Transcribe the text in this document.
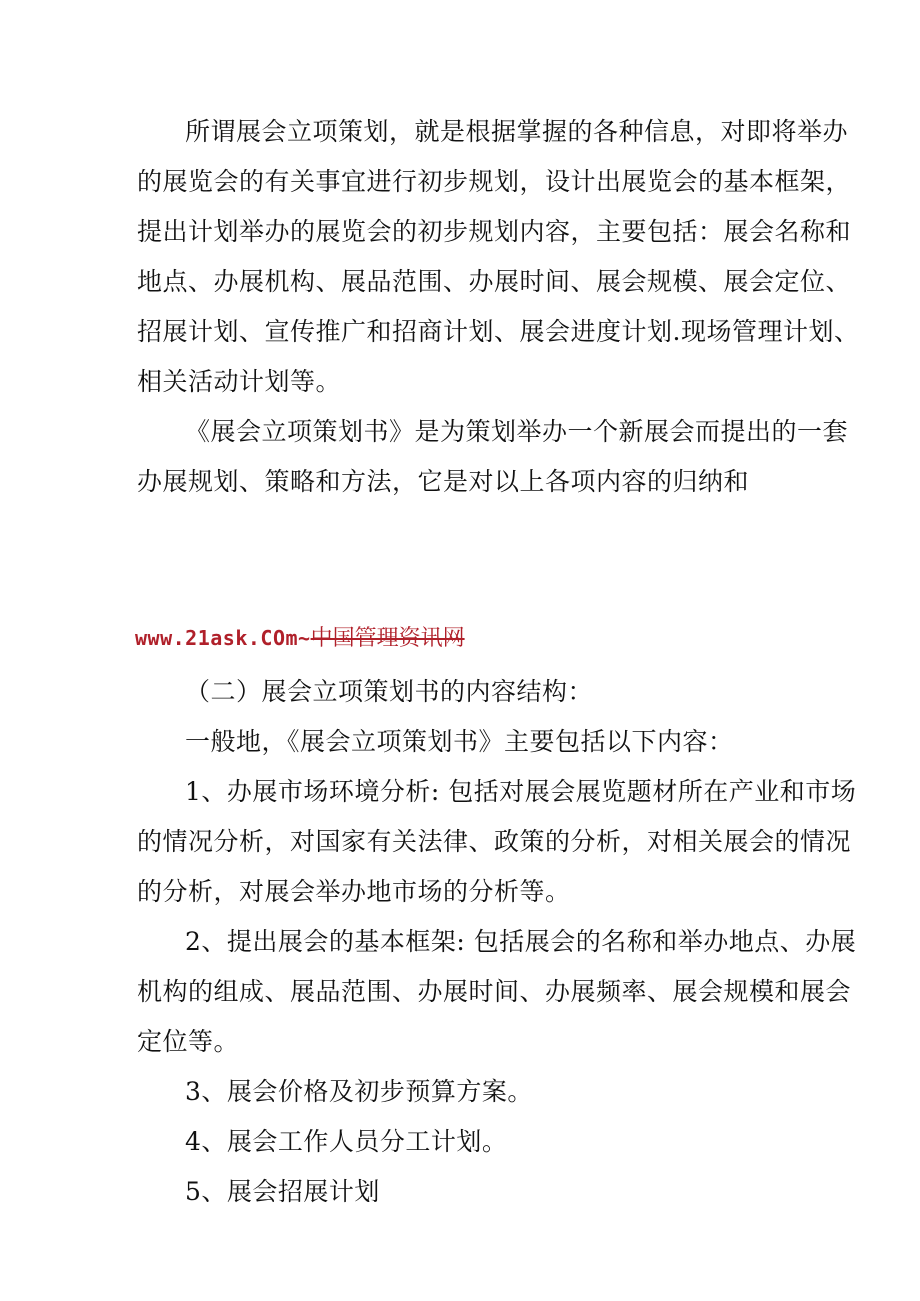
所谓展会立项策划，就是根据掌握的各种信息，对即将举办
的展览会的有关事宜进行初步规划，设计出展览会的基本框架，
提出计划举办的展览会的初步规划内容，主要包括：展会名称和
地点、办展机构、展品范围、办展时间、展会规模、展会定位、
招展计划、宣传推广和招商计划、展会进度计划.现场管理计划、
相关活动计划等。
《展会立项策划书》是为策划举办一个新展会而提出的一套
办展规划、策略和方法，它是对以上各项内容的归纳和
www.21ask.COm~中国管理资讯网
（二）展会立项策划书的内容结构：
一般地，《展会立项策划书》主要包括以下内容：
1、办展市场环境分析: 包括对展会展览题材所在产业和市场
的情况分析，对国家有关法律、政策的分析，对相关展会的情况
的分析，对展会举办地市场的分析等。
2、提出展会的基本框架: 包括展会的名称和举办地点、办展
机构的组成、展品范围、办展时间、办展频率、展会规模和展会
定位等。
3、展会价格及初步预算方案。
4、展会工作人员分工计划。
5、展会招展计划
